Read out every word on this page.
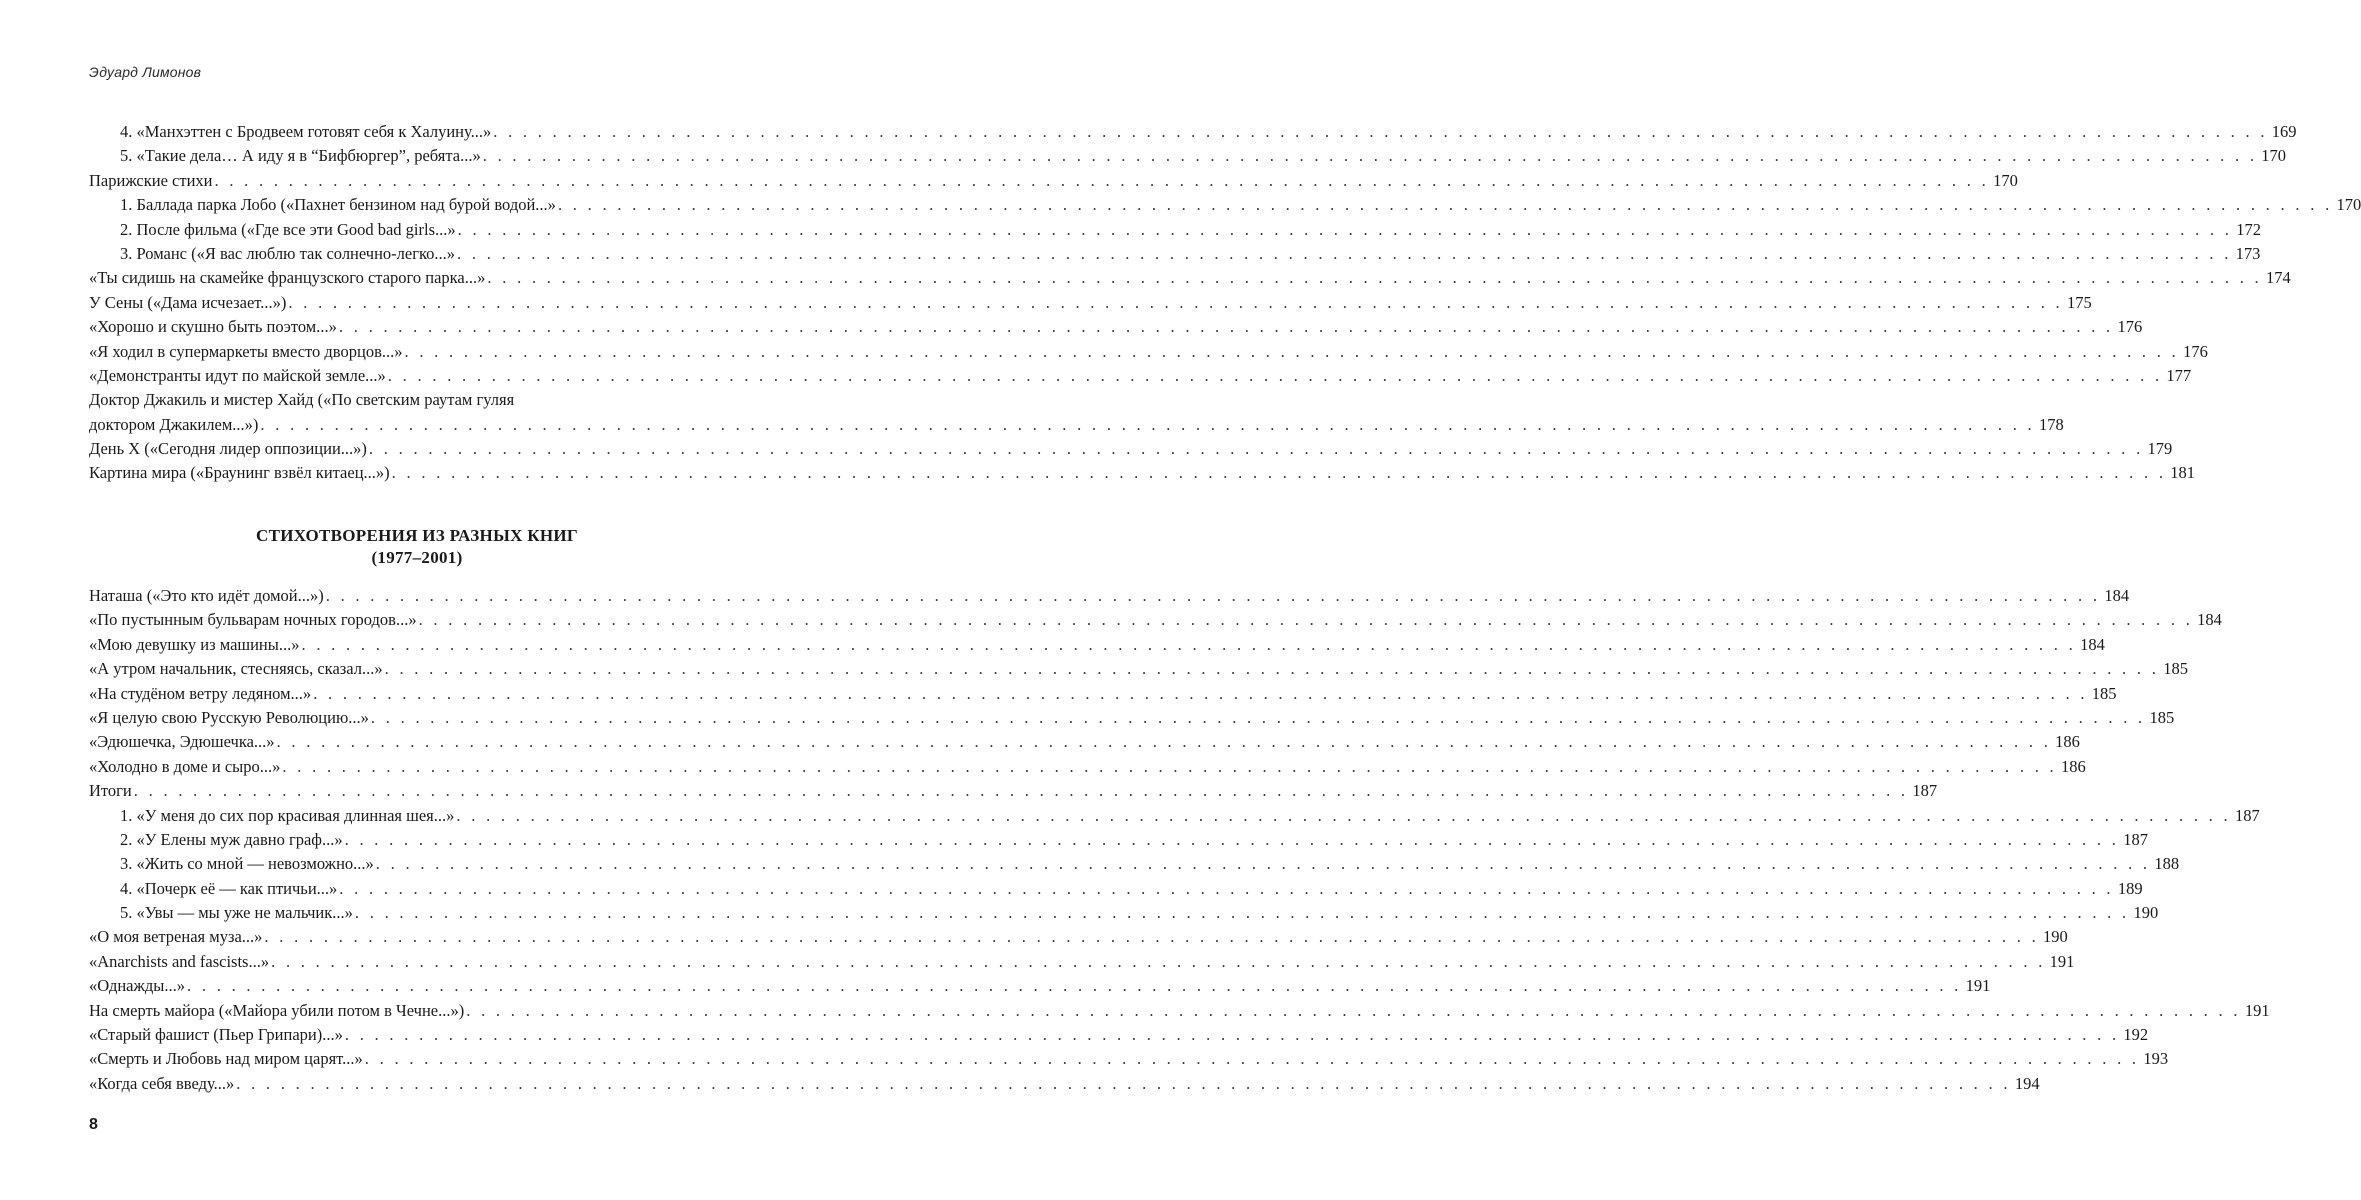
Эдуард Лимонов
4. «Манхэттен с Бродвеем готовят себя к Халуину...» . . . . . . . . . . . . . . . . . . . . . . . . . . . . . . . . . . . . . . . . . . . . . . . . . . . . . . . . . . . . . . . . . . . . . . . . . . . . . . . . . . . . . . . . . . . . . . . . . . . . . . . . . . . . . . . . . . . . . . . . 169
5. «Такие дела… А иду я в “Бифбюргер”, ребята...» . . . . . . . . . . . . . . . . . . . . . . . . . . . . . . . . . . . . . . . . . . . . . . . . . . . . . . . . . . . . . . . . . . . . . . . . . . . . . . . . . . . . . . . . . . . . . . . . . . . . . . . . . . . . . . . . . . . . . . . . 170
Парижские стихи . . . . . . . . . . . . . . . . . . . . . . . . . . . . . . . . . . . . . . . . . . . . . . . . . . . . . . . . . . . . . . . . . . . . . . . . . . . . . . . . . . . . . . . . . . . . . . . . . . . . . . . . . . . . . . . . . . . . . . . . 170
1. Баллада парка Лобо («Пахнет бензином над бурой водой...» . . . . . . . . . . . . . . . . . . . . . . . . . . . . . . . . . . . . . . . . . . . . . . . . . . . . . . . . . . . . . . . . . . . . . . . . . . . . . . . . . . . . . . . . . . . . . . . . . . . . . . . . . . . . . . . . . . . . . . . . 170
2. После фильма («Где все эти Good bad girls...» . . . . . . . . . . . . . . . . . . . . . . . . . . . . . . . . . . . . . . . . . . . . . . . . . . . . . . . . . . . . . . . . . . . . . . . . . . . . . . . . . . . . . . . . . . . . . . . . . . . . . . . . . . . . . . . . . . . . . . . . 172
3. Романс («Я вас люблю так солнечно-легко...» . . . . . . . . . . . . . . . . . . . . . . . . . . . . . . . . . . . . . . . . . . . . . . . . . . . . . . . . . . . . . . . . . . . . . . . . . . . . . . . . . . . . . . . . . . . . . . . . . . . . . . . . . . . . . . . . . . . . . . . . 173
«Ты сидишь на скамейке французского старого парка...» . . . . . . . . . . . . . . . . . . . . . . . . . . . . . . . . . . . . . . . . . . . . . . . . . . . . . . . . . . . . . . . . . . . . . . . . . . . . . . . . . . . . . . . . . . . . . . . . . . . . . . . . . . . . . . . . . . . . . . . . 174
У Сены («Дама исчезает...») . . . . . . . . . . . . . . . . . . . . . . . . . . . . . . . . . . . . . . . . . . . . . . . . . . . . . . . . . . . . . . . . . . . . . . . . . . . . . . . . . . . . . . . . . . . . . . . . . . . . . . . . . . . . . . . . . . . . . . . . 175
«Хорошо и скушно быть поэтом...» . . . . . . . . . . . . . . . . . . . . . . . . . . . . . . . . . . . . . . . . . . . . . . . . . . . . . . . . . . . . . . . . . . . . . . . . . . . . . . . . . . . . . . . . . . . . . . . . . . . . . . . . . . . . . . . . . . . . . . . . 176
«Я ходил в супермаркеты вместо дворцов...» . . . . . . . . . . . . . . . . . . . . . . . . . . . . . . . . . . . . . . . . . . . . . . . . . . . . . . . . . . . . . . . . . . . . . . . . . . . . . . . . . . . . . . . . . . . . . . . . . . . . . . . . . . . . . . . . . . . . . . . . 176
«Демонстранты идут по майской земле...» . . . . . . . . . . . . . . . . . . . . . . . . . . . . . . . . . . . . . . . . . . . . . . . . . . . . . . . . . . . . . . . . . . . . . . . . . . . . . . . . . . . . . . . . . . . . . . . . . . . . . . . . . . . . . . . . . . . . . . . . 177
Доктор Джакиль и мистер Хайд («По светским раутам гуляя
доктором Джакилем...») . . . . . . . . . . . . . . . . . . . . . . . . . . . . . . . . . . . . . . . . . . . . . . . . . . . . . . . . . . . . . . . . . . . . . . . . . . . . . . . . . . . . . . . . . . . . . . . . . . . . . . . . . . . . . . . . . . . . . . . . 178
День X («Сегодня лидер оппозиции...») . . . . . . . . . . . . . . . . . . . . . . . . . . . . . . . . . . . . . . . . . . . . . . . . . . . . . . . . . . . . . . . . . . . . . . . . . . . . . . . . . . . . . . . . . . . . . . . . . . . . . . . . . . . . . . . . . . . . . . . . 179
Картина мира («Браунинг взвёл китаец...») . . . . . . . . . . . . . . . . . . . . . . . . . . . . . . . . . . . . . . . . . . . . . . . . . . . . . . . . . . . . . . . . . . . . . . . . . . . . . . . . . . . . . . . . . . . . . . . . . . . . . . . . . . . . . . . . . . . . . . . . 181
СТИХОТВОРЕНИЯ ИЗ РАЗНЫХ КНИГ
(1977–2001)
Наташа («Это кто идёт домой...») . . . . . . . . . . . . . . . . . . . . . . . . . . . . . . . . . . . . . . . . . . . . . . . . . . . . . . . . . . . . . . . . . . . . . . . . . . . . . . . . . . . . . . . . . . . . . . . . . . . . . . . . . . . . . . . . . . . . . . . . 184
«По пустынным бульварам ночных городов...» . . . . . . . . . . . . . . . . . . . . . . . . . . . . . . . . . . . . . . . . . . . . . . . . . . . . . . . . . . . . . . . . . . . . . . . . . . . . . . . . . . . . . . . . . . . . . . . . . . . . . . . . . . . . . . . . . . . . . . . . 184
«Мою девушку из машины...» . . . . . . . . . . . . . . . . . . . . . . . . . . . . . . . . . . . . . . . . . . . . . . . . . . . . . . . . . . . . . . . . . . . . . . . . . . . . . . . . . . . . . . . . . . . . . . . . . . . . . . . . . . . . . . . . . . . . . . . . 184
«А утром начальник, стесняясь, сказал...» . . . . . . . . . . . . . . . . . . . . . . . . . . . . . . . . . . . . . . . . . . . . . . . . . . . . . . . . . . . . . . . . . . . . . . . . . . . . . . . . . . . . . . . . . . . . . . . . . . . . . . . . . . . . . . . . . . . . . . . . 185
«На студёном ветру ледяном...» . . . . . . . . . . . . . . . . . . . . . . . . . . . . . . . . . . . . . . . . . . . . . . . . . . . . . . . . . . . . . . . . . . . . . . . . . . . . . . . . . . . . . . . . . . . . . . . . . . . . . . . . . . . . . . . . . . . . . . . . 185
«Я целую свою Русскую Революцию...» . . . . . . . . . . . . . . . . . . . . . . . . . . . . . . . . . . . . . . . . . . . . . . . . . . . . . . . . . . . . . . . . . . . . . . . . . . . . . . . . . . . . . . . . . . . . . . . . . . . . . . . . . . . . . . . . . . . . . . . . 185
«Эдюшечка, Эдюшечка...» . . . . . . . . . . . . . . . . . . . . . . . . . . . . . . . . . . . . . . . . . . . . . . . . . . . . . . . . . . . . . . . . . . . . . . . . . . . . . . . . . . . . . . . . . . . . . . . . . . . . . . . . . . . . . . . . . . . . . . . . 186
«Холодно в доме и сыро...» . . . . . . . . . . . . . . . . . . . . . . . . . . . . . . . . . . . . . . . . . . . . . . . . . . . . . . . . . . . . . . . . . . . . . . . . . . . . . . . . . . . . . . . . . . . . . . . . . . . . . . . . . . . . . . . . . . . . . . . . 186
Итоги . . . . . . . . . . . . . . . . . . . . . . . . . . . . . . . . . . . . . . . . . . . . . . . . . . . . . . . . . . . . . . . . . . . . . . . . . . . . . . . . . . . . . . . . . . . . . . . . . . . . . . . . . . . . . . . . . . . . . . . . 187
1. «У меня до сих пор красивая длинная шея...» . . . . . . . . . . . . . . . . . . . . . . . . . . . . . . . . . . . . . . . . . . . . . . . . . . . . . . . . . . . . . . . . . . . . . . . . . . . . . . . . . . . . . . . . . . . . . . . . . . . . . . . . . . . . . . . . . . . . . . . . 187
2. «У Елены муж давно граф...» . . . . . . . . . . . . . . . . . . . . . . . . . . . . . . . . . . . . . . . . . . . . . . . . . . . . . . . . . . . . . . . . . . . . . . . . . . . . . . . . . . . . . . . . . . . . . . . . . . . . . . . . . . . . . . . . . . . . . . . . 187
3. «Жить со мной — невозможно...» . . . . . . . . . . . . . . . . . . . . . . . . . . . . . . . . . . . . . . . . . . . . . . . . . . . . . . . . . . . . . . . . . . . . . . . . . . . . . . . . . . . . . . . . . . . . . . . . . . . . . . . . . . . . . . . . . . . . . . . . 188
4. «Почерк её — как птичьи...» . . . . . . . . . . . . . . . . . . . . . . . . . . . . . . . . . . . . . . . . . . . . . . . . . . . . . . . . . . . . . . . . . . . . . . . . . . . . . . . . . . . . . . . . . . . . . . . . . . . . . . . . . . . . . . . . . . . . . . . . 189
5. «Увы — мы уже не мальчик...» . . . . . . . . . . . . . . . . . . . . . . . . . . . . . . . . . . . . . . . . . . . . . . . . . . . . . . . . . . . . . . . . . . . . . . . . . . . . . . . . . . . . . . . . . . . . . . . . . . . . . . . . . . . . . . . . . . . . . . . . 190
«О моя ветреная муза...» . . . . . . . . . . . . . . . . . . . . . . . . . . . . . . . . . . . . . . . . . . . . . . . . . . . . . . . . . . . . . . . . . . . . . . . . . . . . . . . . . . . . . . . . . . . . . . . . . . . . . . . . . . . . . . . . . . . . . . . . 190
«Anarchists and fascists...» . . . . . . . . . . . . . . . . . . . . . . . . . . . . . . . . . . . . . . . . . . . . . . . . . . . . . . . . . . . . . . . . . . . . . . . . . . . . . . . . . . . . . . . . . . . . . . . . . . . . . . . . . . . . . . . . . . . . . . . . 191
«Однажды...» . . . . . . . . . . . . . . . . . . . . . . . . . . . . . . . . . . . . . . . . . . . . . . . . . . . . . . . . . . . . . . . . . . . . . . . . . . . . . . . . . . . . . . . . . . . . . . . . . . . . . . . . . . . . . . . . . . . . . . . . 191
На смерть майора («Майора убили потом в Чечне...») . . . . . . . . . . . . . . . . . . . . . . . . . . . . . . . . . . . . . . . . . . . . . . . . . . . . . . . . . . . . . . . . . . . . . . . . . . . . . . . . . . . . . . . . . . . . . . . . . . . . . . . . . . . . . . . . . . . . . . . . 191
«Старый фашист (Пьер Грипари)...» . . . . . . . . . . . . . . . . . . . . . . . . . . . . . . . . . . . . . . . . . . . . . . . . . . . . . . . . . . . . . . . . . . . . . . . . . . . . . . . . . . . . . . . . . . . . . . . . . . . . . . . . . . . . . . . . . . . . . . . . 192
«Смерть и Любовь над миром царят...» . . . . . . . . . . . . . . . . . . . . . . . . . . . . . . . . . . . . . . . . . . . . . . . . . . . . . . . . . . . . . . . . . . . . . . . . . . . . . . . . . . . . . . . . . . . . . . . . . . . . . . . . . . . . . . . . . . . . . . . . 193
«Когда себя введу...» . . . . . . . . . . . . . . . . . . . . . . . . . . . . . . . . . . . . . . . . . . . . . . . . . . . . . . . . . . . . . . . . . . . . . . . . . . . . . . . . . . . . . . . . . . . . . . . . . . . . . . . . . . . . . . . . . . . . . . . . 194
8
